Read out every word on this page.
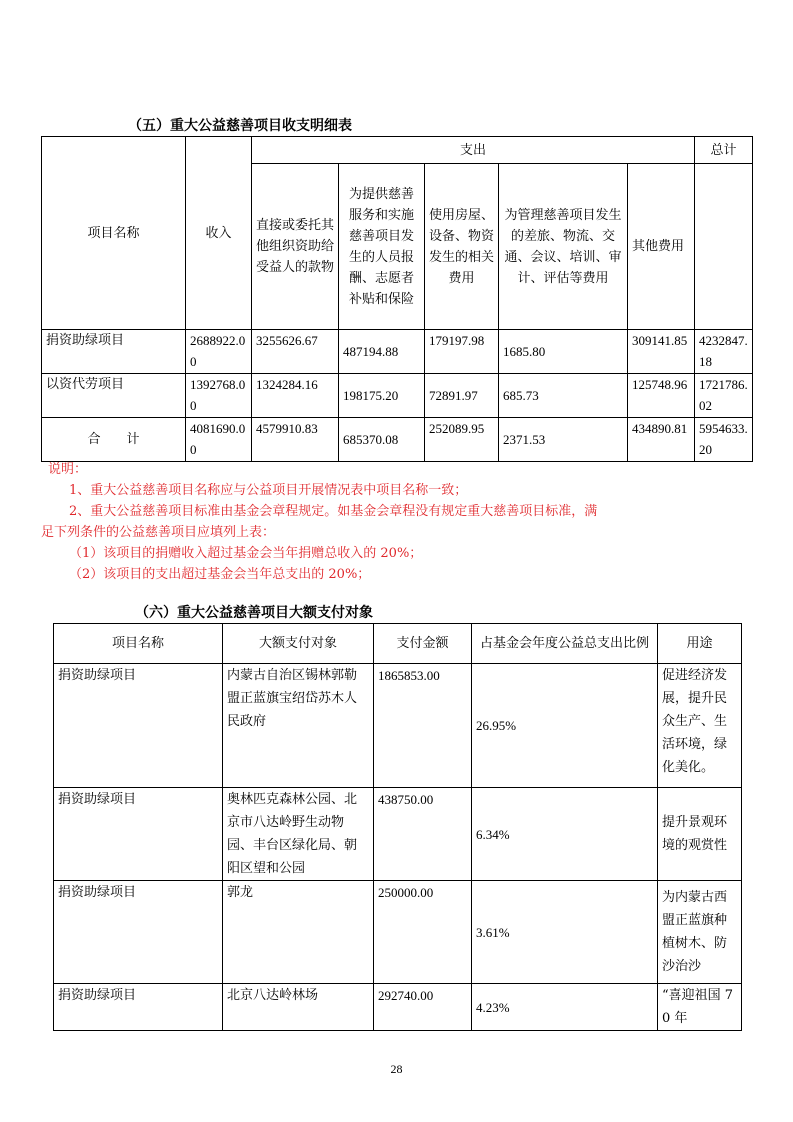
（五）重大公益慈善项目收支明细表
项目名称	收入	支出					总计
		直接或委托其他组织资助给受益人的款物	为提供慈善服务和实施慈善项目发生的人员报酬、志愿者补贴和保险	使用房屋、设备、物资发生的相关费用	为管理慈善项目发生的差旅、物流、交通、会议、培训、审计、评估等费用	其他费用	
捐资助绿项目	2688922.00	3255626.67	487194.88	179197.98	1685.80	309141.85	4232847.18
以资代劳项目	1392768.00	1324284.16	198175.20	72891.97	685.73	125748.96	1721786.02
合　　计	4081690.00	4579910.83	685370.08	252089.95	2371.53	434890.81	5954633.20

说明：

1、重大公益慈善项目名称应与公益项目开展情况表中项目名称一致；

2、重大公益慈善项目标准由基金会章程规定。如基金会章程没有规定重大慈善项目标准，满

足下列条件的公益慈善项目应填列上表：

（1）该项目的捐赠收入超过基金会当年捐赠总收入的 20%；

（2）该项目的支出超过基金会当年总支出的 20%；

（六）重大公益慈善项目大额支付对象
项目名称	大额支付对象	支付金额	占基金会年度公益总支出比例	用途
捐资助绿项目	内蒙古自治区锡林郭勒盟正蓝旗宝绍岱苏木人民政府	1865853.00	26.95%	促进经济发展，提升民众生产、生活环境，绿化美化。
捐资助绿项目	奥林匹克森林公园、北京市八达岭野生动物园、丰台区绿化局、朝阳区望和公园	438750.00	6.34%	提升景观环境的观赏性
捐资助绿项目	郭龙	250000.00	3.61%	为内蒙古西盟正蓝旗种植树木、防沙治沙
捐资助绿项目	北京八达岭林场	292740.00	4.23%	“喜迎祖国 70 年
28
